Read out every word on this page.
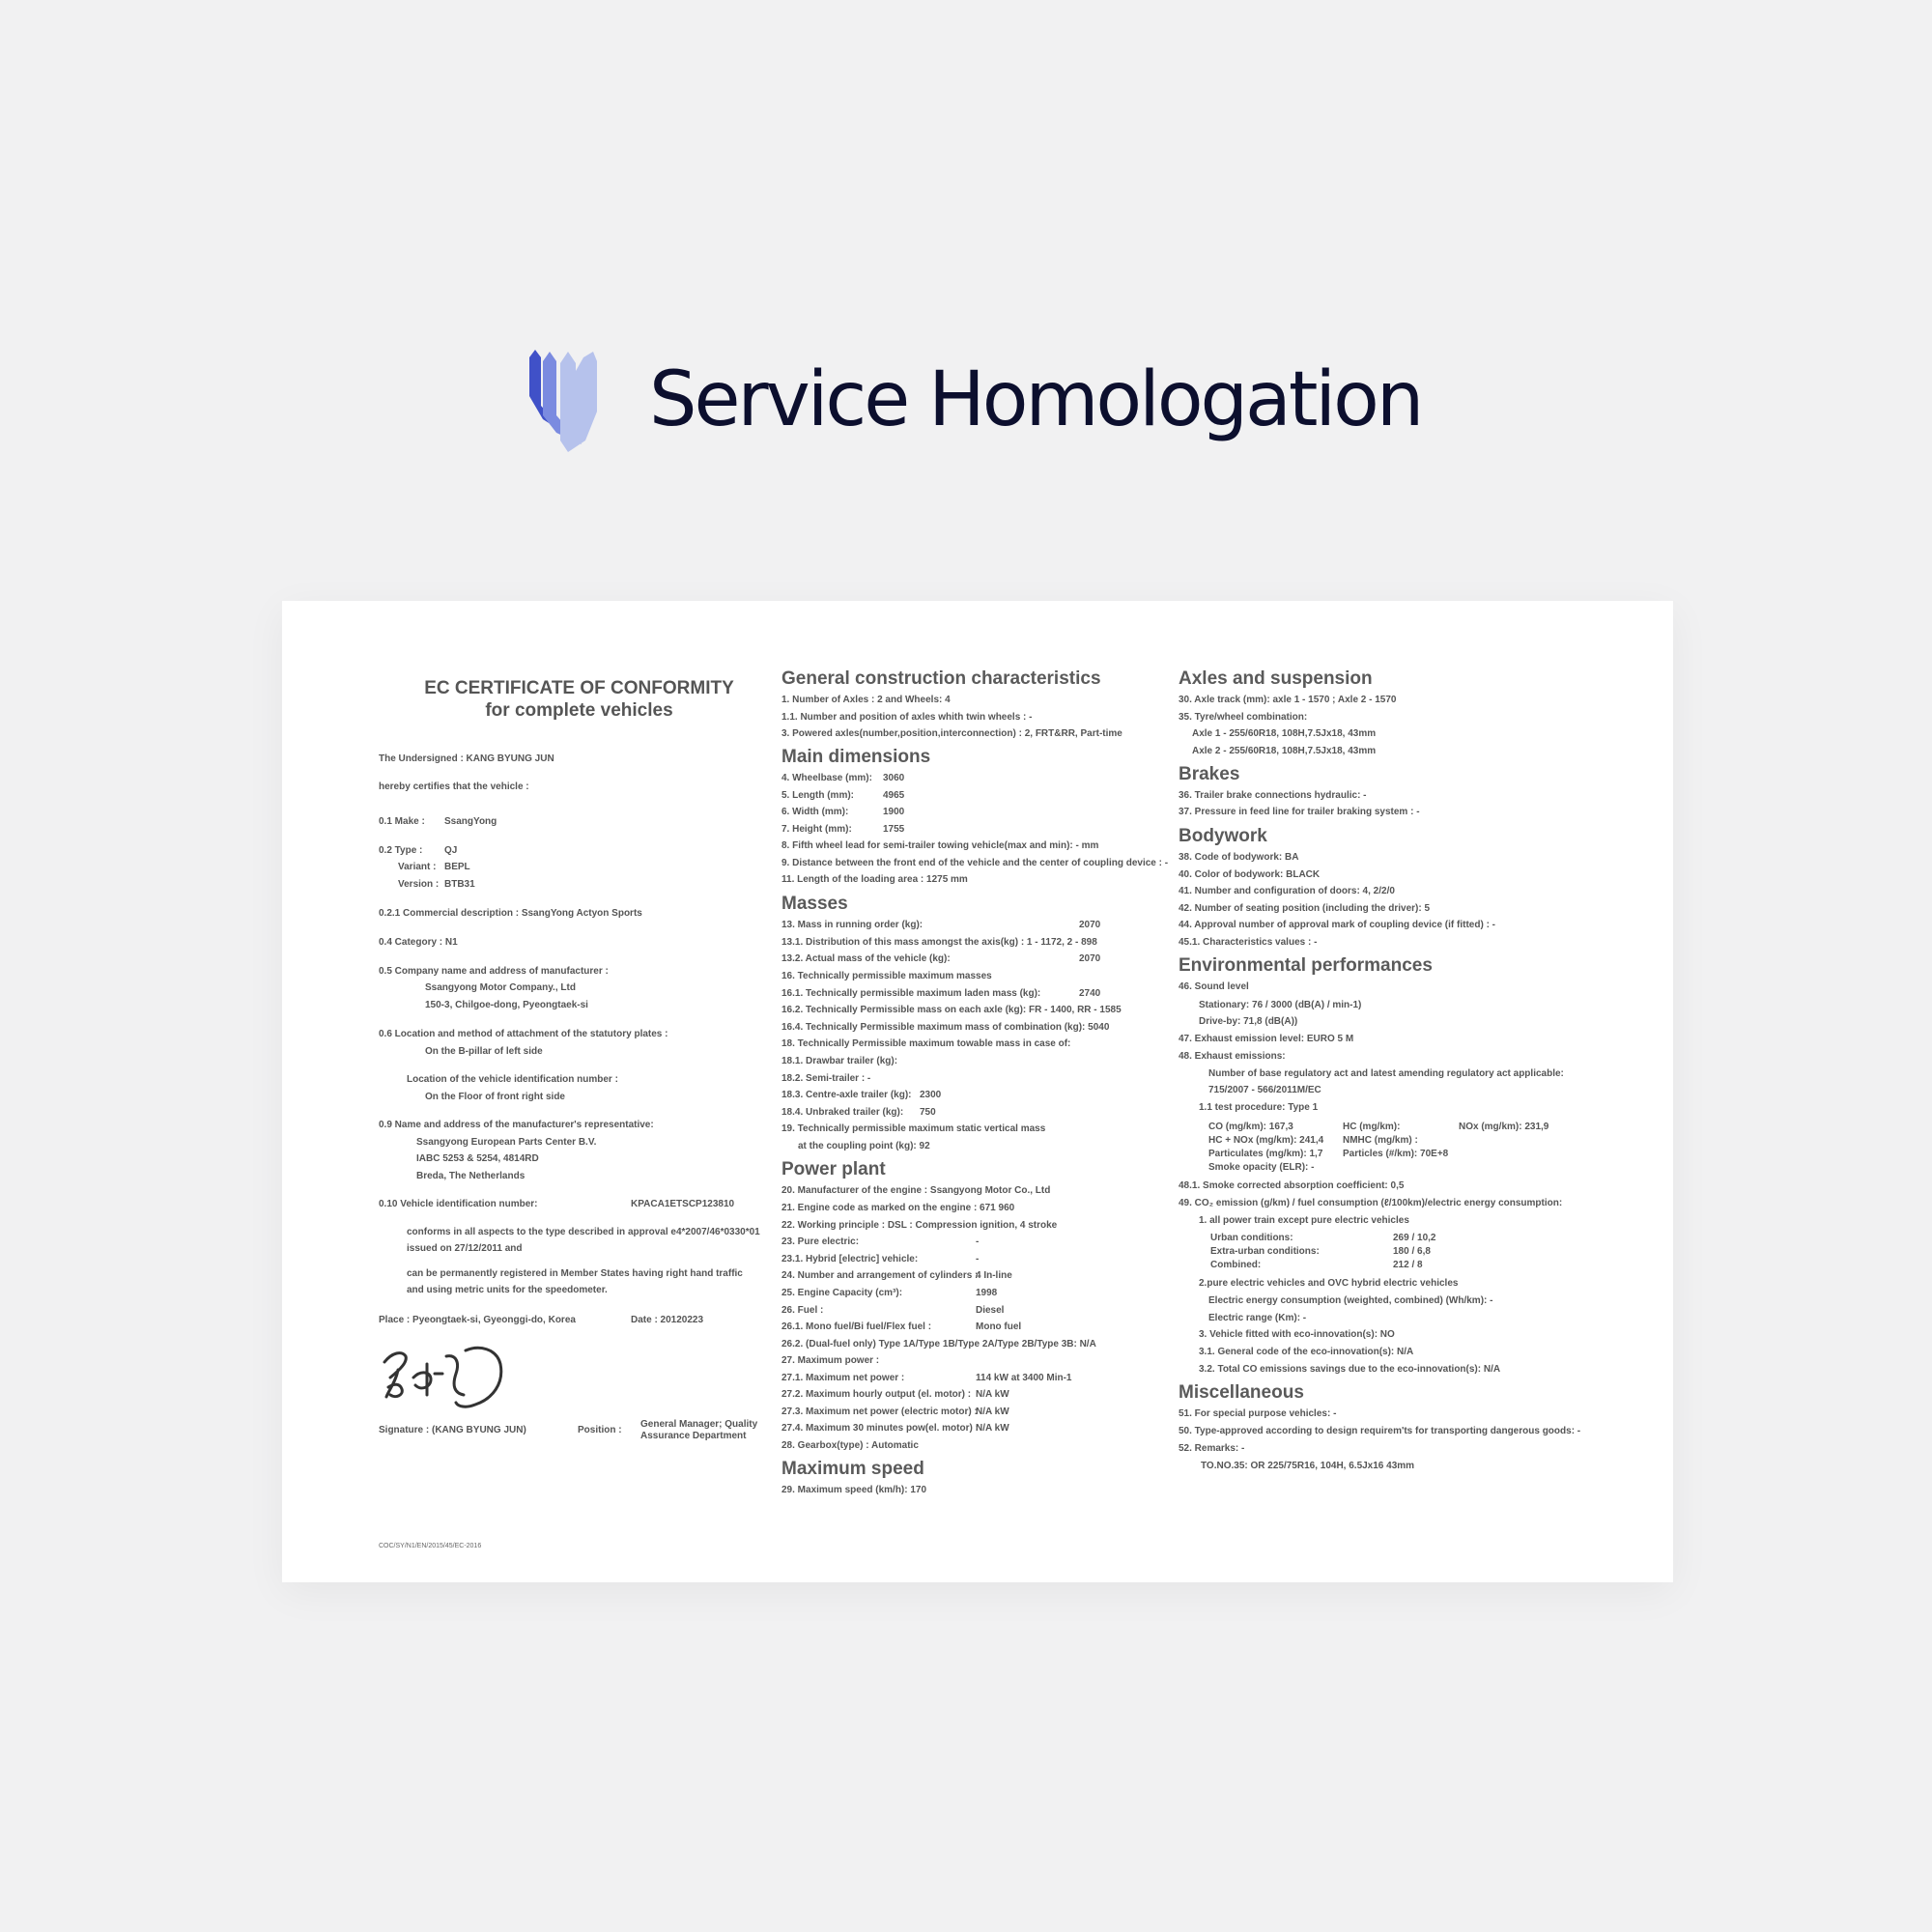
Service Homologation
EC CERTIFICATE OF CONFORMITY
for complete vehicles
The Undersigned : KANG BYUNG JUN
hereby certifies that the vehicle :
0.1 Make : SsangYong
0.2 Type : QJ
Variant : BEPL
Version : BTB31
0.2.1 Commercial description : SsangYong Actyon Sports
0.4 Category : N1
0.5 Company name and address of manufacturer :
Ssangyong Motor Company., Ltd
150-3, Chilgoe-dong, Pyeongtaek-si
0.6 Location and method of attachment of the statutory plates :
On the B-pillar of left side
Location of the vehicle identification number :
On the Floor of front right side
0.9 Name and address of the manufacturer's representative:
Ssangyong European Parts Center B.V.
IABC 5253 & 5254, 4814RD
Breda, The Netherlands
0.10 Vehicle identification number:	KPACA1ETSCP123810
conforms in all aspects to the type described in approval e4*2007/46*0330*01
issued on 27/12/2011 and
can be permanently registered in Member States having right hand traffic
and using metric units for the speedometer.
Place : Pyeongtaek-si, Gyeonggi-do, Korea	Date : 20120223
Signature : (KANG BYUNG JUN)	Position :
General Manager; Quality
Assurance Department
General construction characteristics
1. Number of Axles : 2 and Wheels: 4
1.1. Number and position of axles whith twin wheels : -
3. Powered axles(number,position,interconnection) : 2, FRT&RR, Part-time
Main dimensions
4. Wheelbase (mm): 3060
5. Length (mm):	4965
6. Width (mm):	1900
7. Height (mm):	1755
8. Fifth wheel lead for semi-trailer towing vehicle(max and min): - mm
9. Distance between the front end of the vehicle and the center of coupling device : -
11. Length of the loading area : 1275 mm
Masses
13. Mass in running order (kg):	2070
13.1. Distribution of this mass amongst the axis(kg) : 1 - 1172, 2 - 898
13.2. Actual mass of the vehicle (kg):	2070
16. Technically permissible maximum masses
16.1. Technically permissible maximum laden mass (kg):	2740
16.2. Technically Permissible mass on each axle (kg): FR - 1400, RR - 1585
16.4. Technically Permissible maximum mass of combination (kg): 5040
18. Technically Permissible maximum towable mass in case of:
18.1. Drawbar trailer (kg):
18.2. Semi-trailer : -
18.3. Centre-axle trailer (kg): 2300
18.4. Unbraked trailer (kg): 750
19. Technically permissible maximum static vertical mass
at the coupling point (kg): 92
Power plant
20. Manufacturer of the engine : Ssangyong Motor Co., Ltd
21. Engine code as marked on the engine : 671 960
22. Working principle : DSL : Compression ignition, 4 stroke
23. Pure electric:	-
23.1. Hybrid [electric] vehicle:	-
24. Number and arrangement of cylinders :
4 In-line
25. Engine Capacity (cm³):	1998
26. Fuel :	Diesel
26.1. Mono fuel/Bi fuel/Flex fuel :	Mono fuel
26.2. (Dual-fuel only) Type 1A/Type 1B/Type 2A/Type 2B/Type 3B: N/A
27. Maximum power :
27.1. Maximum net power :	114 kW at 3400 Min-1
27.2. Maximum hourly output (el. motor) : N/A kW
27.3. Maximum net power (electric motor) :
N/A kW
27.4. Maximum 30 minutes pow(el. motor) :
N/A kW
28. Gearbox(type) : Automatic
Maximum speed
29. Maximum speed (km/h): 170
Axles and suspension
30. Axle track (mm): axle 1 - 1570 ; Axle 2 - 1570
35. Tyre/wheel combination:
Axle 1 - 255/60R18, 108H,7.5Jx18, 43mm
Axle 2 - 255/60R18, 108H,7.5Jx18, 43mm
Brakes
36. Trailer brake connections hydraulic: -
37. Pressure in feed line for trailer braking system : -
Bodywork
38. Code of bodywork: BA
40. Color of bodywork: BLACK
41. Number and configuration of doors: 4, 2/2/0
42. Number of seating position (including the driver): 5
44. Approval number of approval mark of coupling device (if fitted) : -
45.1. Characteristics values : -
Environmental performances
46. Sound level
Stationary: 76 / 3000 (dB(A) / min-1)
Drive-by: 71,8 (dB(A))
47. Exhaust emission level: EURO 5 M
48. Exhaust emissions:
Number of base regulatory act and latest amending regulatory act applicable:
715/2007 - 566/2011M/EC
1.1 test procedure: Type 1
CO (mg/km): 167,3	HC (mg/km):	NOx (mg/km): 231,9
HC + NOx (mg/km): 241,4 NMHC (mg/km) :
Particulates (mg/km): 1,7 Particles (#/km): 70E+8
Smoke opacity (ELR): -
48.1. Smoke corrected absorption coefficient: 0,5
49. CO₂ emission (g/km) / fuel consumption (ℓ/100km)/electric energy consumption:
1. all power train except pure electric vehicles
Urban conditions:	269 / 10,2
Extra-urban conditions:	180 / 6,8
Combined:	212 / 8
2.pure electric vehicles and OVC hybrid electric vehicles
Electric energy consumption (weighted, combined) (Wh/km): -
Electric range (Km): -
3. Vehicle fitted with eco-innovation(s): NO
3.1. General code of the eco-innovation(s): N/A
3.2. Total CO emissions savings due to the eco-innovation(s): N/A
Miscellaneous
51. For special purpose vehicles: -
50. Type-approved according to design requirem'ts for transporting dangerous goods: -
52. Remarks: -
TO.NO.35: OR 225/75R16, 104H, 6.5Jx16 43mm
COC/SY/N1/EN/2015/45/EC-2016
